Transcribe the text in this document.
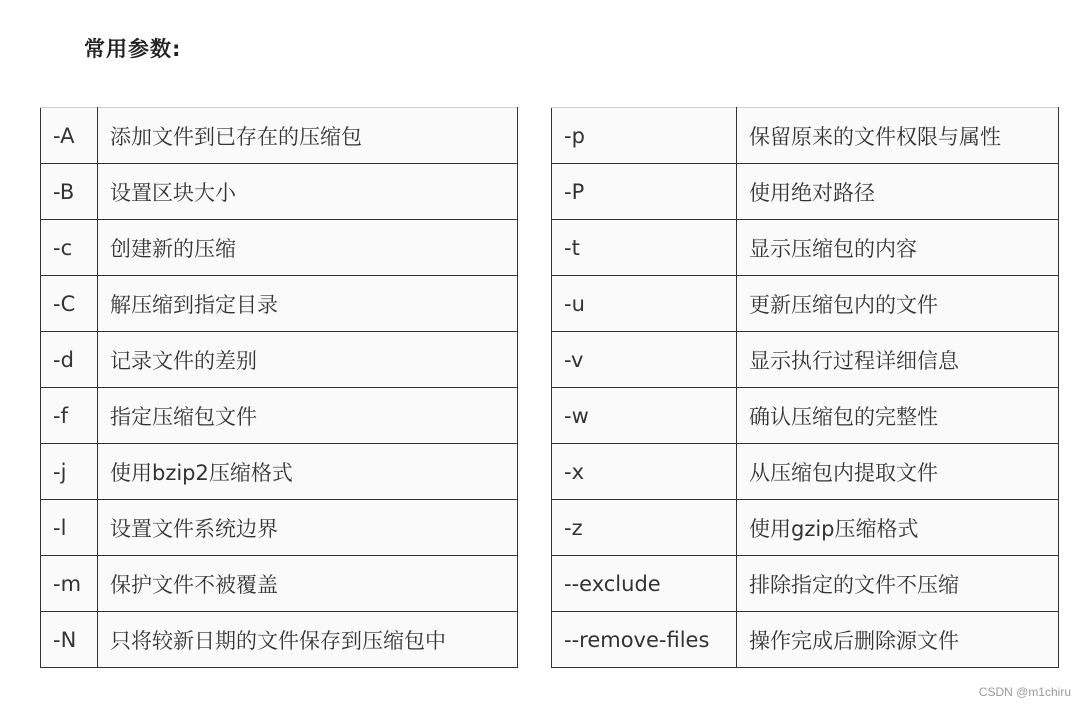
常用参数:
-A	添加文件到已存在的压缩包		-p	保留原来的文件权限与属性
-B	设置区块大小		-P	使用绝对路径
-c	创建新的压缩		-t	显示压缩包的内容
-C	解压缩到指定目录		-u	更新压缩包内的文件
-d	记录文件的差别		-v	显示执行过程详细信息
-f	指定压缩包文件		-w	确认压缩包的完整性
-j	使用bzip2压缩格式		-x	从压缩包内提取文件
-l	设置文件系统边界		-z	使用gzip压缩格式
-m	保护文件不被覆盖		--exclude	排除指定的文件不压缩
-N	只将较新日期的文件保存到压缩包中		--remove-files	操作完成后删除源文件
CSDN @m1chiru
